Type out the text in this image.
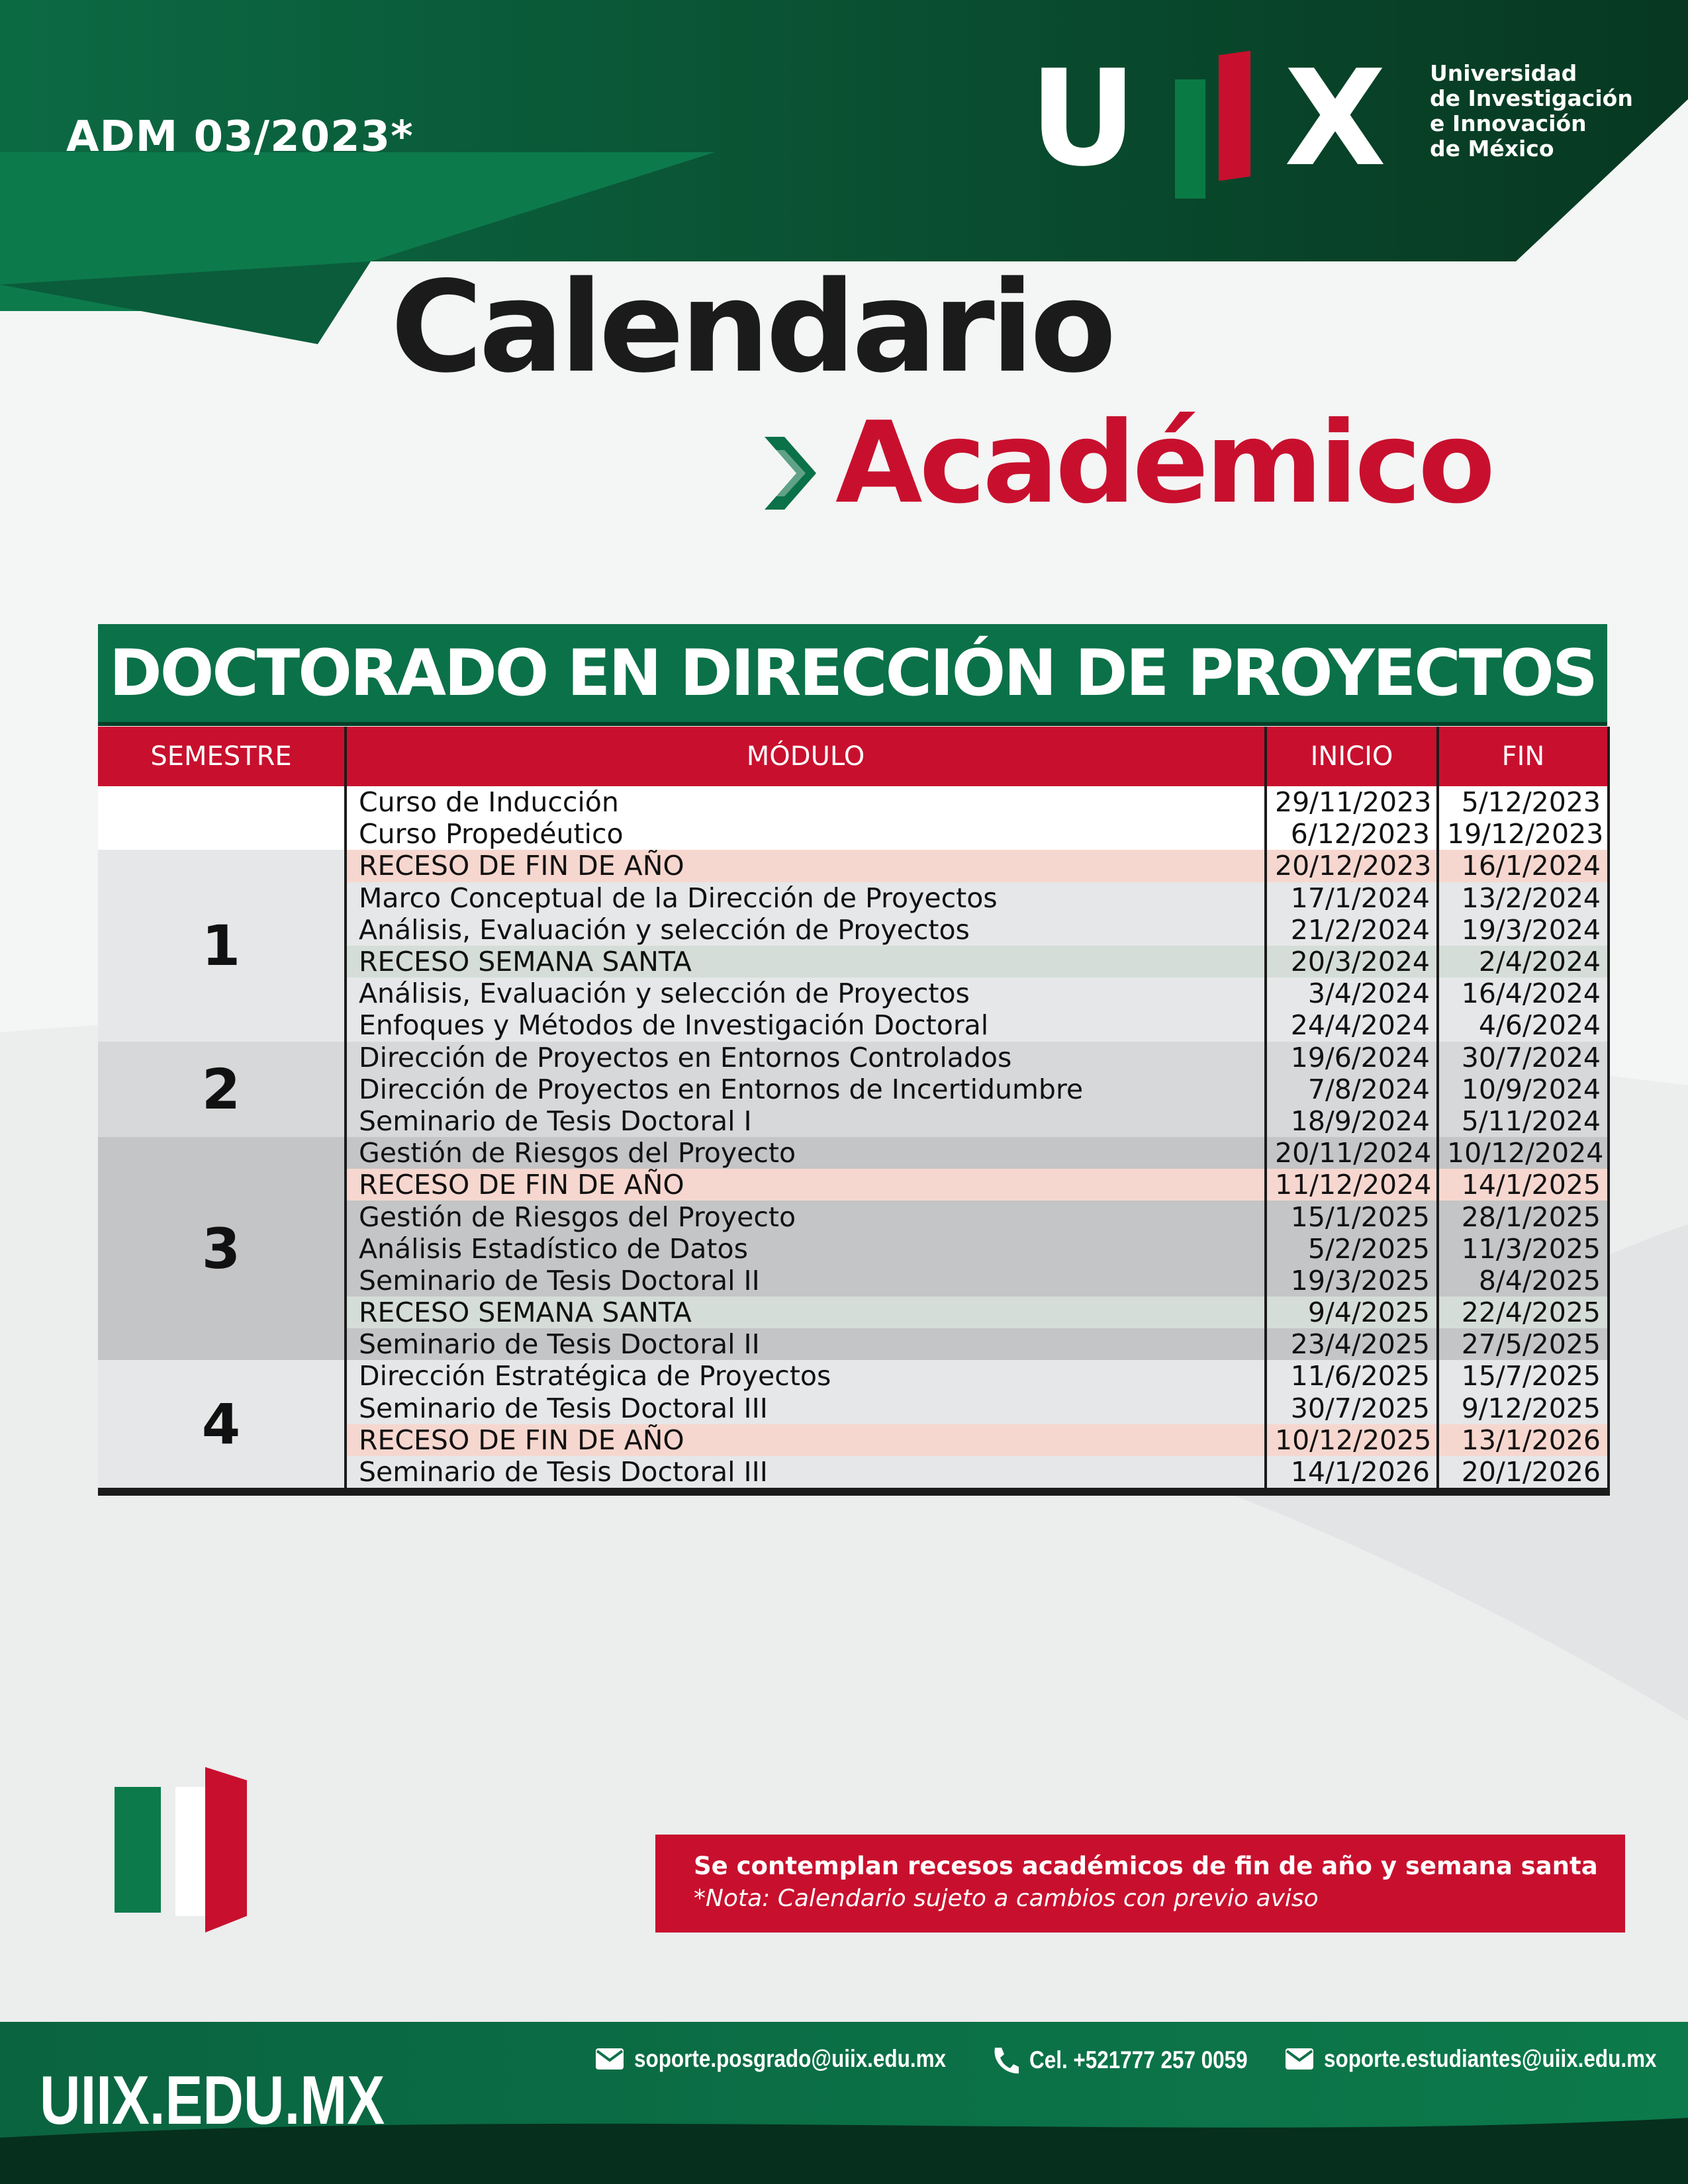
ADM 03/2023*	U X Universidad
de Investigación
e Innovación
de México
Calendario
Académico
DOCTORADO EN DIRECCIÓN DE PROYECTOS
SEMESTRE	MÓDULO	INICIO	FIN
	Curso de Inducción	29/11/2023	5/12/2023
	Curso Propedéutico	6/12/2023	19/12/2023
1	RECESO DE FIN DE AÑO	20/12/2023	16/1/2024
	Marco Conceptual de la Dirección de Proyectos	17/1/2024	13/2/2024
	Análisis, Evaluación y selección de Proyectos	21/2/2024	19/3/2024
	RECESO SEMANA SANTA	20/3/2024	2/4/2024
	Análisis, Evaluación y selección de Proyectos	3/4/2024	16/4/2024
	Enfoques y Métodos de Investigación Doctoral	24/4/2024	4/6/2024
2	Dirección de Proyectos en Entornos Controlados	19/6/2024	30/7/2024
	Dirección de Proyectos en Entornos de Incertidumbre	7/8/2024	10/9/2024
	Seminario de Tesis Doctoral I	18/9/2024	5/11/2024
3	Gestión de Riesgos del Proyecto	20/11/2024	10/12/2024
	RECESO DE FIN DE AÑO	11/12/2024	14/1/2025
	Gestión de Riesgos del Proyecto	15/1/2025	28/1/2025
	Análisis Estadístico de Datos	5/2/2025	11/3/2025
	Seminario de Tesis Doctoral II	19/3/2025	8/4/2025
	RECESO SEMANA SANTA	9/4/2025	22/4/2025
	Seminario de Tesis Doctoral II	23/4/2025	27/5/2025
4	Dirección Estratégica de Proyectos	11/6/2025	15/7/2025
	Seminario de Tesis Doctoral III	30/7/2025	9/12/2025
	RECESO DE FIN DE AÑO	10/12/2025	13/1/2026
	Seminario de Tesis Doctoral III	14/1/2026	20/1/2026
Se contemplan recesos académicos de fin de año y semana santa
*Nota: Calendario sujeto a cambios con previo aviso
UIIX.EDU.MX
soporte.posgrado@uiix.edu.mx	Cel. +521777 257 0059	soporte.estudiantes@uiix.edu.mx
